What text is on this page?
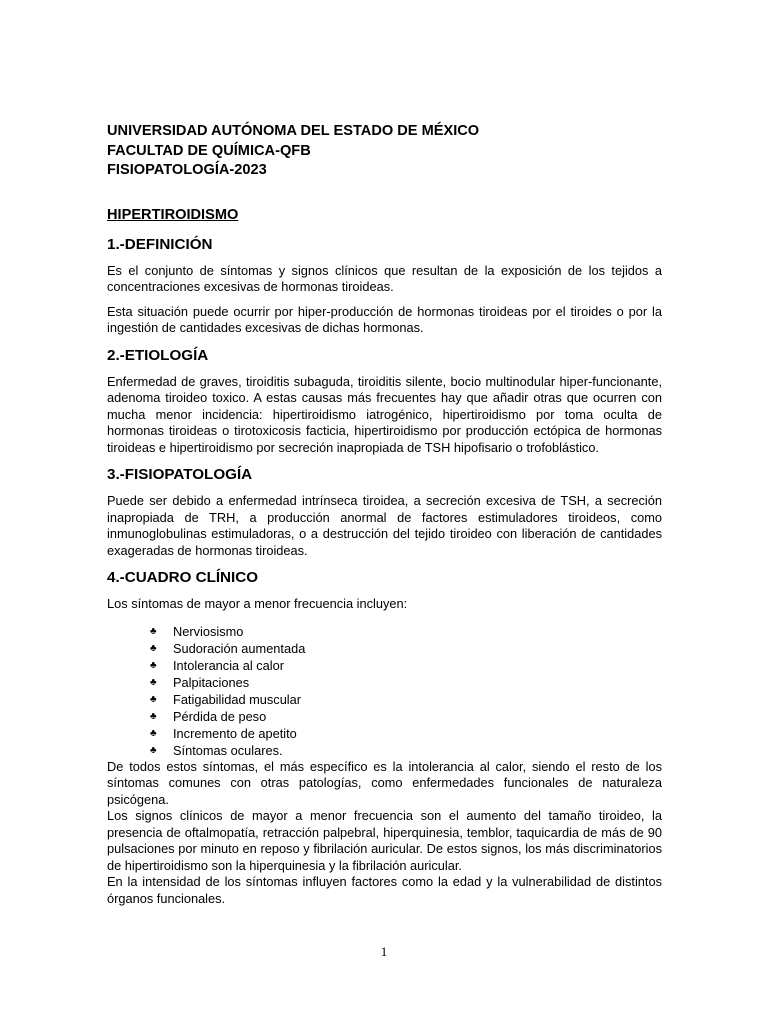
UNIVERSIDAD AUTÓNOMA DEL ESTADO DE MÉXICO

FACULTAD DE QUÍMICA-QFB

FISIOPATOLOGÍA-2023

HIPERTIROIDISMO
1.-DEFINICIÓN

Es el conjunto de síntomas y signos clínicos que resultan de la exposición de los tejidos a concentraciones excesivas de hormonas tiroideas.

Esta situación puede ocurrir por hiper-producción de hormonas tiroideas por el tiroides o por la ingestión de cantidades excesivas de dichas hormonas.

2.-ETIOLOGÍA

Enfermedad de graves, tiroiditis subaguda, tiroiditis silente, bocio multinodular hiper-funcionante, adenoma tiroideo toxico. A estas causas más frecuentes hay que añadir otras que ocurren con mucha menor incidencia: hipertiroidismo iatrogénico, hipertiroidismo por toma oculta de hormonas tiroideas o tirotoxicosis facticia, hipertiroidismo por producción ectópica de hormonas tiroideas e hipertiroidismo por secreción inapropiada de TSH hipofisario o trofoblástico.

3.-FISIOPATOLOGÍA

Puede ser debido a enfermedad intrínseca tiroidea, a secreción excesiva de TSH, a secreción inapropiada de TRH, a producción anormal de factores estimuladores tiroideos, como inmunoglobulinas estimuladoras, o a destrucción del tejido tiroideo con liberación de cantidades exageradas de hormonas tiroideas.

4.-CUADRO CLÍNICO

Los síntomas de mayor a menor frecuencia incluyen:

♣	Nerviosismo
♣	Sudoración aumentada
♣	Intolerancia al calor
♣	Palpitaciones
♣	Fatigabilidad muscular
♣	Pérdida de peso
♣	Incremento de apetito
♣	Síntomas oculares.

De todos estos síntomas, el más específico es la intolerancia al calor, siendo el resto de los síntomas comunes con otras patologías, como enfermedades funcionales de naturaleza psicógena.

Los signos clínicos de mayor a menor frecuencia son el aumento del tamaño tiroideo, la presencia de oftalmopatía, retracción palpebral, hiperquinesia, temblor, taquicardia de más de 90 pulsaciones por minuto en reposo y fibrilación auricular. De estos signos, los más discriminatorios de hipertiroidismo son la hiperquinesia y la fibrilación auricular.

En la intensidad de los síntomas influyen factores como la edad y la vulnerabilidad de distintos órganos funcionales.

1
